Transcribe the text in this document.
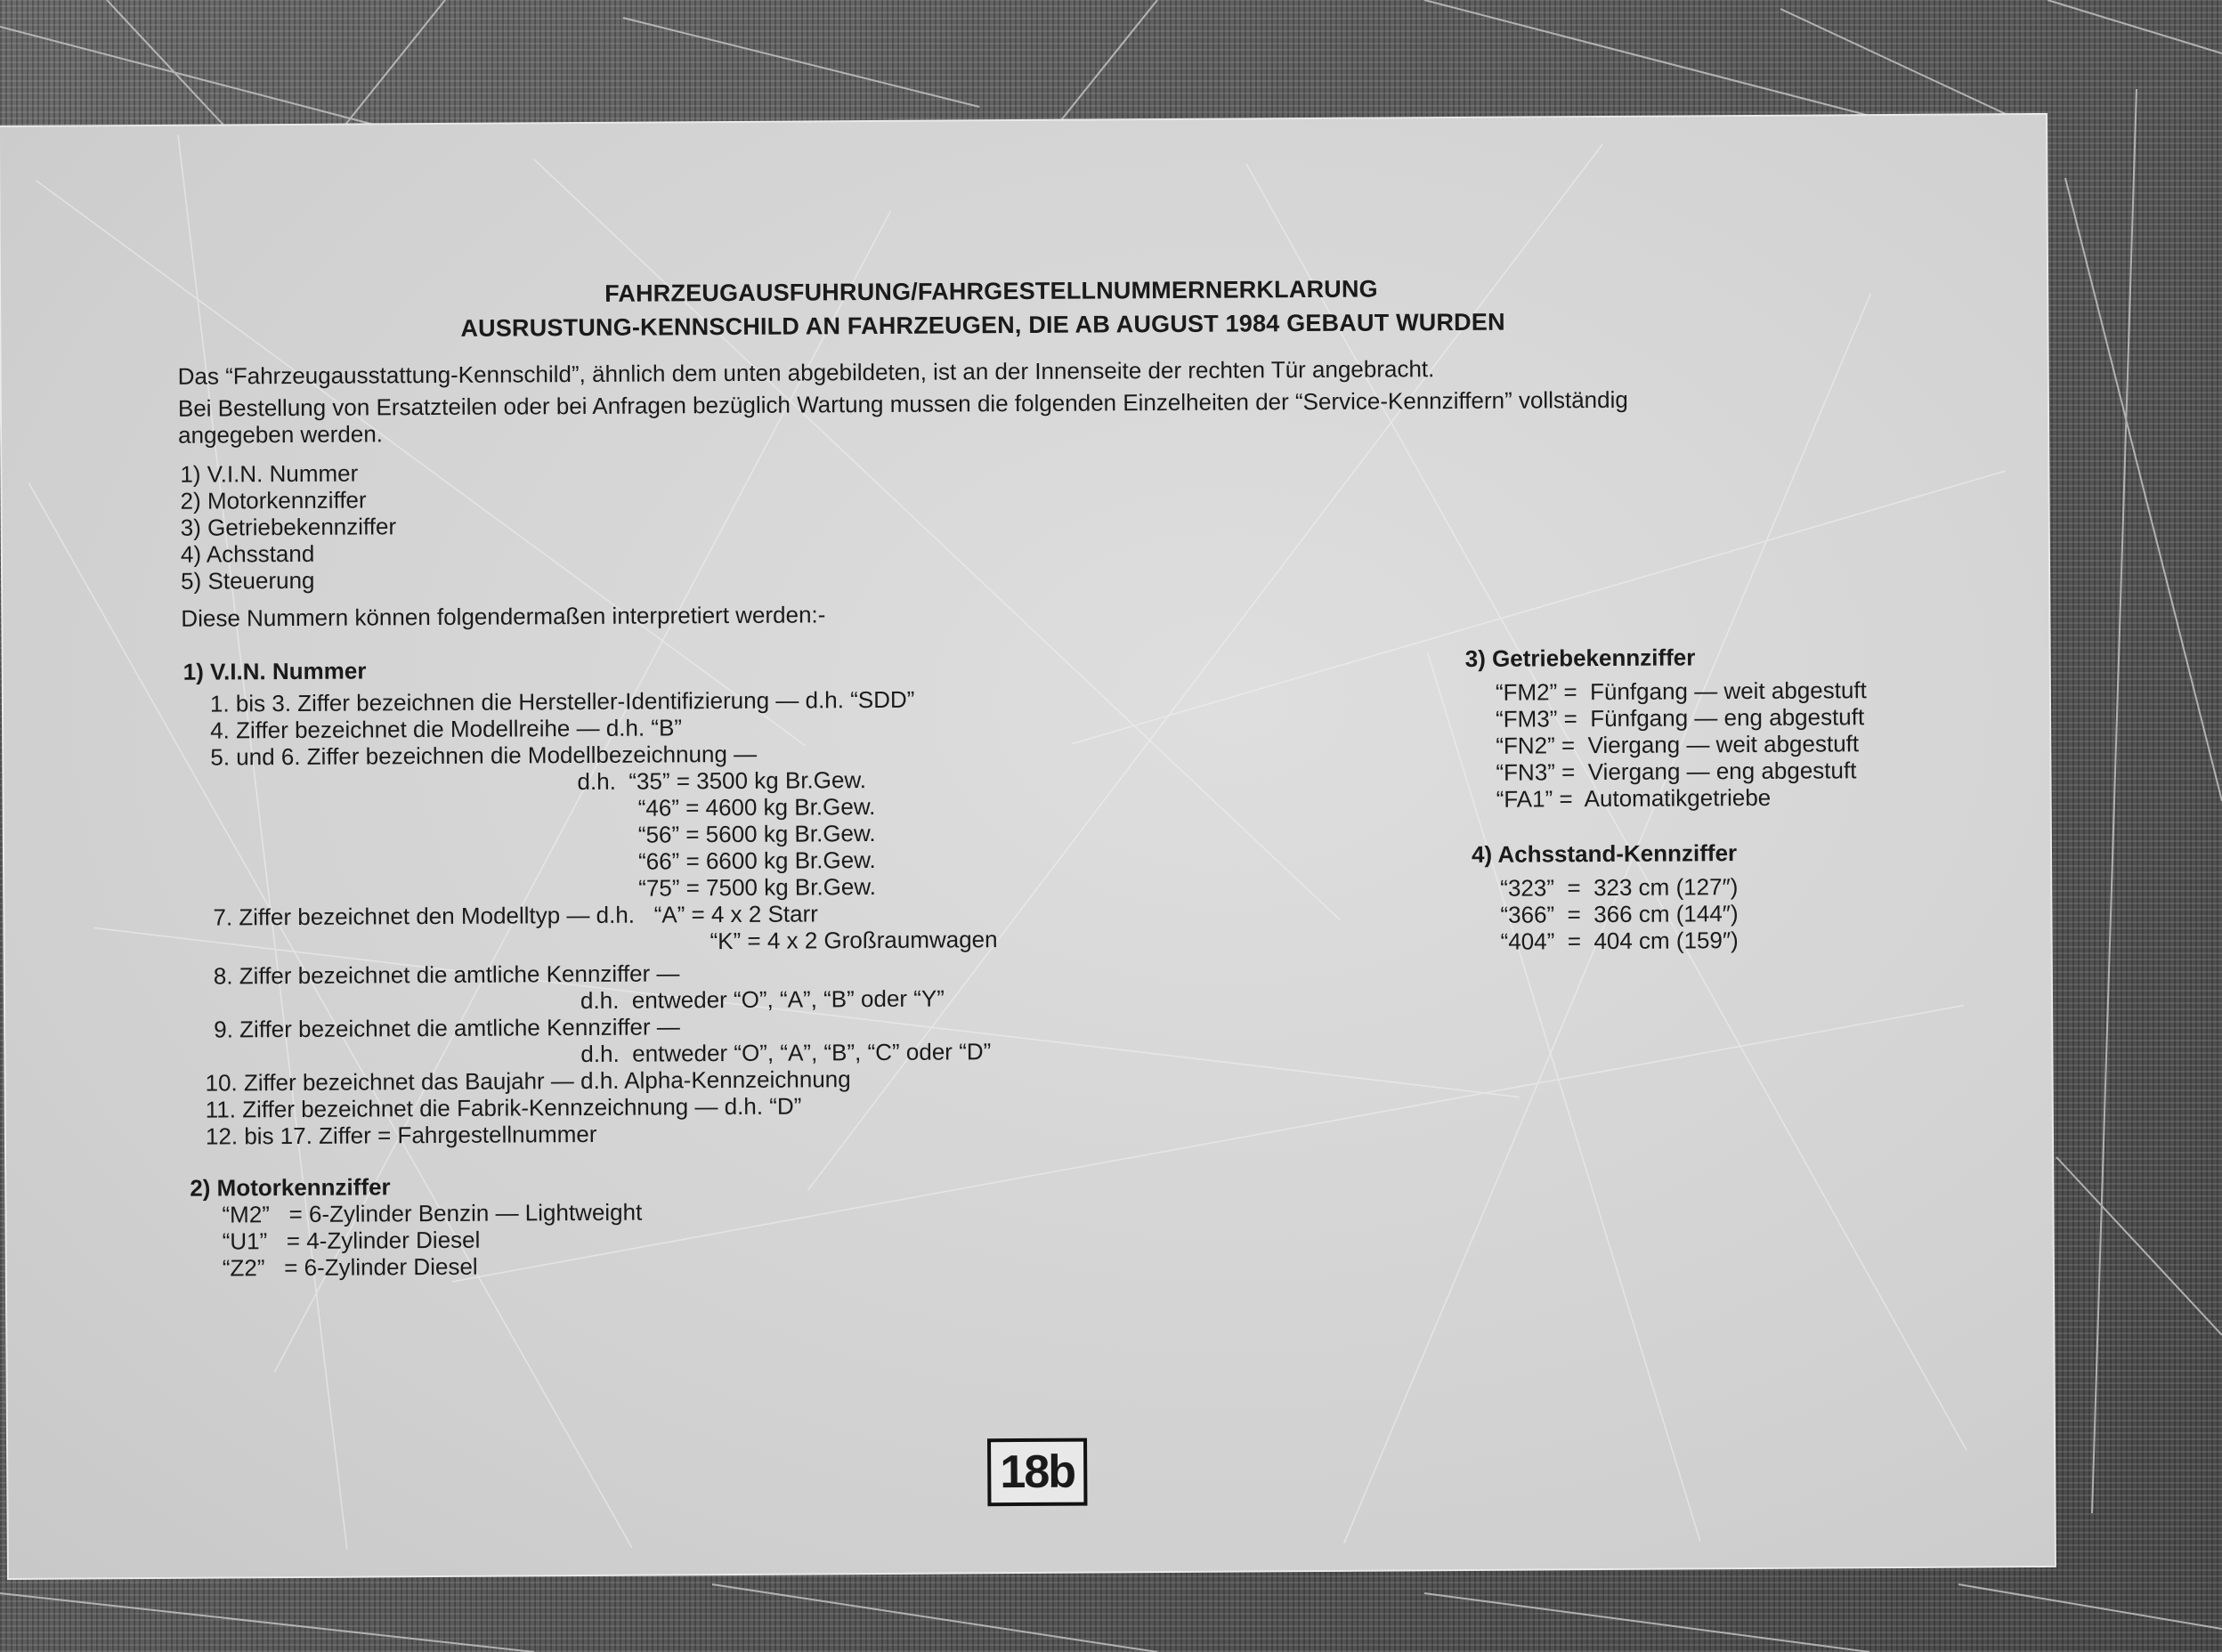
FAHRZEUGAUSFUHRUNG/FAHRGESTELLNUMMERNERKLARUNG
AUSRUSTUNG-KENNSCHILD AN FAHRZEUGEN, DIE AB AUGUST 1984 GEBAUT WURDEN
Das “Fahrzeugausstattung-Kennschild”, ähnlich dem unten abgebildeten, ist an der Innenseite der rechten Tür angebracht.
Bei Bestellung von Ersatzteilen oder bei Anfragen bezüglich Wartung mussen die folgenden Einzelheiten der “Service-Kennziffern” vollständig
angegeben werden.
1) V.I.N. Nummer
2) Motorkennziffer
3) Getriebekennziffer
4) Achsstand
5) Steuerung
Diese Nummern können folgendermaßen interpretiert werden:-
1) V.I.N. Nummer
1. bis 3. Ziffer bezeichnen die Hersteller-Identifizierung — d.h. “SDD”
4. Ziffer bezeichnet die Modellreihe — d.h. “B”
5. und 6. Ziffer bezeichnen die Modellbezeichnung —
d.h.  “35” = 3500 kg Br.Gew.
“46” = 4600 kg Br.Gew.
“56” = 5600 kg Br.Gew.
“66” = 6600 kg Br.Gew.
“75” = 7500 kg Br.Gew.
7. Ziffer bezeichnet den Modelltyp — d.h.   “A” = 4 x 2 Starr
“K” = 4 x 2 Großraumwagen
8. Ziffer bezeichnet die amtliche Kennziffer —
d.h.  entweder “O”, “A”, “B” oder “Y”
9. Ziffer bezeichnet die amtliche Kennziffer —
d.h.  entweder “O”, “A”, “B”, “C” oder “D”
10. Ziffer bezeichnet das Baujahr — d.h. Alpha-Kennzeichnung
11. Ziffer bezeichnet die Fabrik-Kennzeichnung — d.h. “D”
12. bis 17. Ziffer = Fahrgestellnummer
2) Motorkennziffer
“M2”   = 6-Zylinder Benzin — Lightweight
“U1”   = 4-Zylinder Diesel
“Z2”   = 6-Zylinder Diesel
3) Getriebekennziffer
“FM2” =  Fünfgang — weit abgestuft
“FM3” =  Fünfgang — eng abgestuft
“FN2” =  Viergang — weit abgestuft
“FN3” =  Viergang — eng abgestuft
“FA1” =  Automatikgetriebe
4) Achsstand-Kennziffer
“323”  =  323 cm (127″)
“366”  =  366 cm (144″)
“404”  =  404 cm (159″)
18b
